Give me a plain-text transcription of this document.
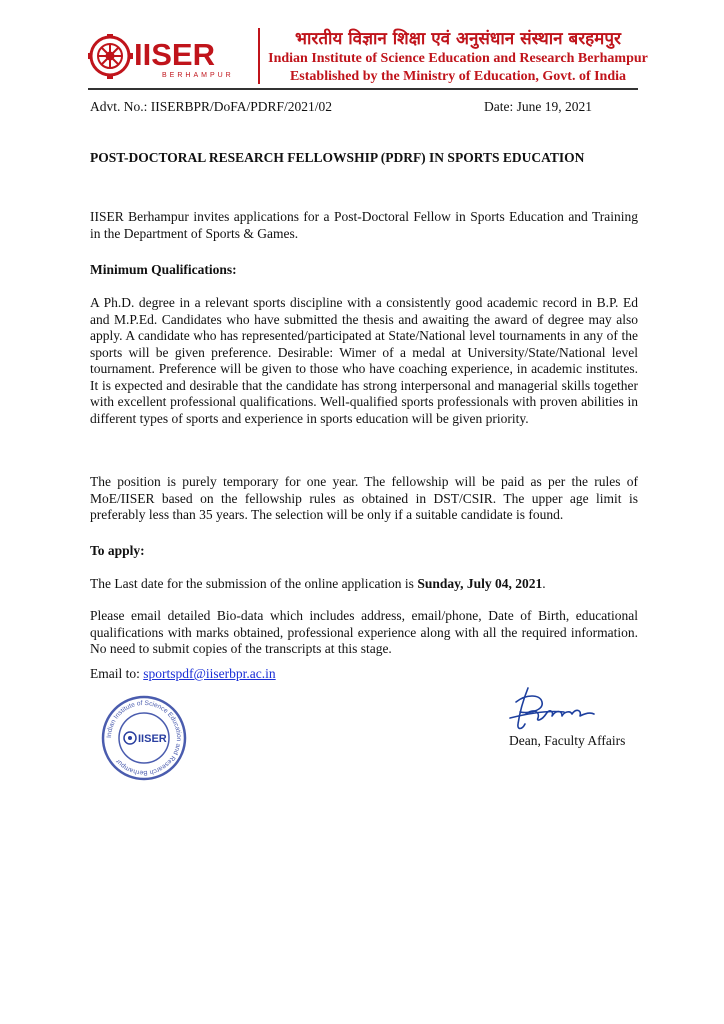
IISER
BERHAMPUR
भारतीय विज्ञान शिक्षा एवं अनुसंधान संस्थान बरहमपुर
Indian Institute of Science Education and Research Berhampur
Established by the Ministry of Education, Govt. of India
Advt. No.: IISERBPR/DoFA/PDRF/2021/02	Date: June 19, 2021
POST-DOCTORAL RESEARCH FELLOWSHIP (PDRF) IN SPORTS EDUCATION

IISER Berhampur invites applications for a Post-Doctoral Fellow in Sports Education and Training in the Department of Sports & Games.

Minimum Qualifications:

A Ph.D. degree in a relevant sports discipline with a consistently good academic record in B.P. Ed and M.P.Ed. Candidates who have submitted the thesis and awaiting the award of degree may also apply. A candidate who has represented/participated at State/National level tournaments in any of the sports will be given preference. Desirable: Wimer of a medal at University/State/National level tournament. Preference will be given to those who have coaching experience, in academic institutes. It is expected and desirable that the candidate has strong interpersonal and managerial skills together with excellent professional qualifications. Well-qualified sports professionals with proven abilities in different types of sports and experience in sports education will be given priority.

The position is purely temporary for one year. The fellowship will be paid as per the rules of MoE/IISER based on the fellowship rules as obtained in DST/CSIR. The upper age limit is preferably less than 35 years. The selection will be only if a suitable candidate is found.

To apply:

The Last date for the submission of the online application is Sunday, July 04, 2021.

Please email detailed Bio-data which includes address, email/phone, Date of Birth, educational qualifications with marks obtained, professional experience along with all the required information. No need to submit copies of the transcripts at this stage.

Email to: sportspdf@iiserbpr.ac.in
Indian Institute of Science Education and Research Berhampur
IISER	Dean, Faculty Affairs
